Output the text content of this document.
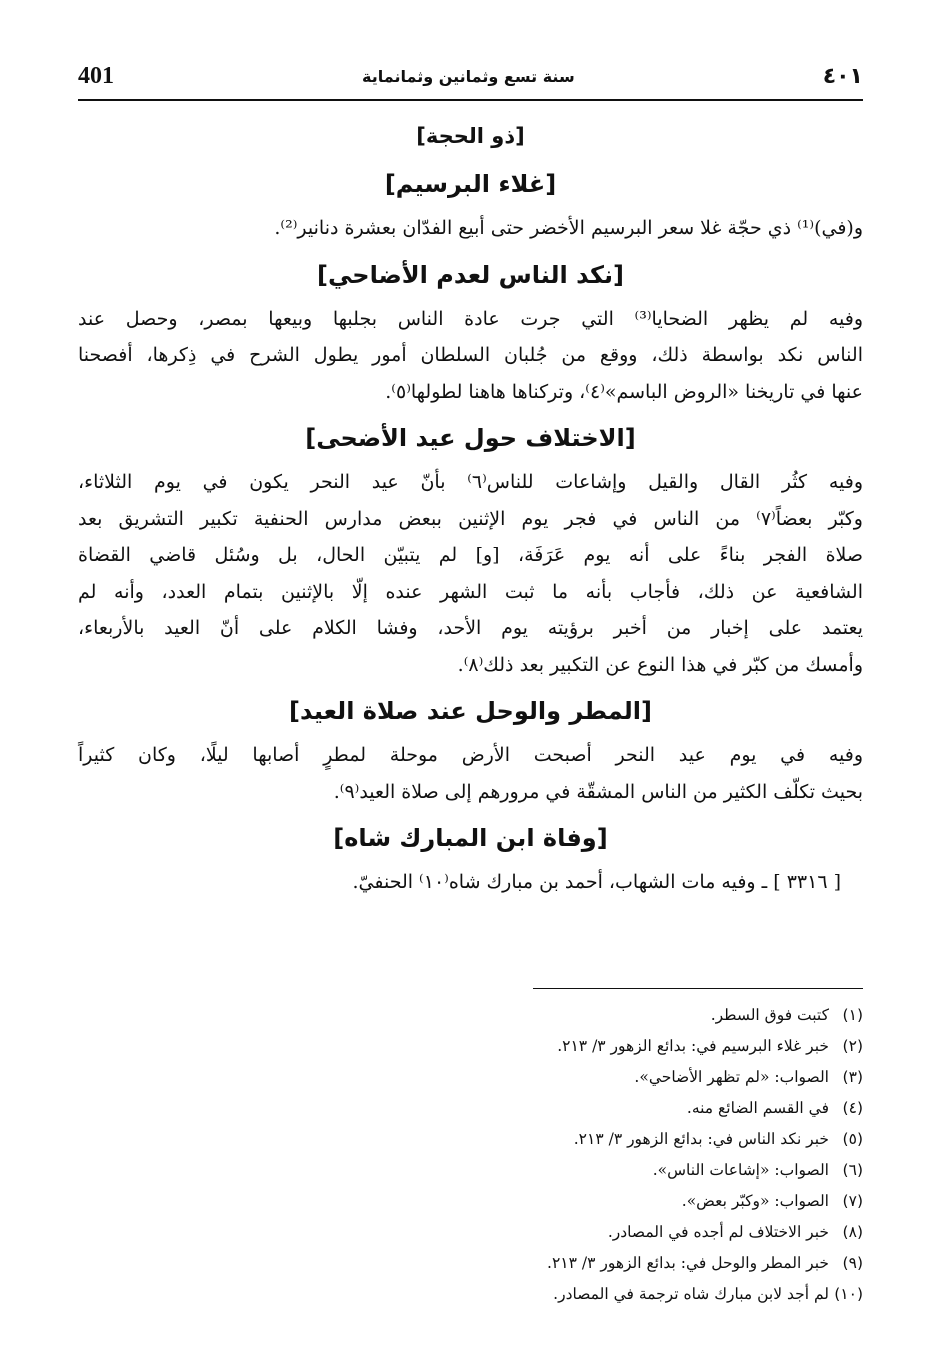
401	سنة تسع وثمانين وثمانماية	٤٠١
[ذو الحجة]
[غلاء البرسيم]

و(في)⁽¹⁾ ذي حجّة غلا سعر البرسيم الأخضر حتى أبيع الفدّان بعشرة دنانير⁽²⁾.

[نكد الناس لعدم الأضاحي]

وفيه لم يظهر الضحايا⁽³⁾ التي جرت عادة الناس بجلبها وبيعها بمصر، وحصل عند
الناس نكد بواسطة ذلك، ووقع من جُلبان السلطان أمور يطول الشرح في ذِكرها، أفصحنا
عنها في تاريخنا «الروض الباسم»⁽٤⁾، وتركناها هاهنا لطولها⁽٥⁾.

[الاختلاف حول عيد الأضحى]

وفيه كثُر القال والقيل وإشاعات للناس⁽٦⁾ بأنّ عيد النحر يكون في يوم الثلاثاء،
وكبّر بعضاً⁽٧⁾ من الناس في فجر يوم الإثنين ببعض مدارس الحنفية تكبير التشريق بعد
صلاة الفجر بناءً على أنه يوم عَرَفَة، [و] لم يتبيّن الحال، بل وسُئل قاضي القضاة
الشافعية عن ذلك، فأجاب بأنه ما ثبت الشهر عنده إلّا بالإثنين بتمام العدد، وأنه لم
يعتمد على إخبار من أخبر برؤيته يوم الأحد، وفشا الكلام على أنّ العيد بالأربعاء،
وأمسك من كبّر في هذا النوع عن التكبير بعد ذلك⁽٨⁾.

[المطر والوحل عند صلاة العيد]

وفيه في يوم عيد النحر أصبحت الأرض موحلة لمطرٍ أصابها ليلًا، وكان كثيراً
بحيث تكلّف الكثير من الناس المشقّة في مرورهم إلى صلاة العيد⁽٩⁾.

[وفاة ابن المبارك شاه]

[ ٣٣١٦ ] ـ وفيه مات الشهاب، أحمد بن مبارك شاه⁽١٠⁾ الحنفيّ.

(١)
كتبت فوق السطر.
(٢)
خبر غلاء البرسيم في: بدائع الزهور ٣/ ٢١٣.
(٣)
الصواب: «لم تظهر الأضاحي».
(٤)
في القسم الضائع منه.
(٥)
خبر نكد الناس في: بدائع الزهور ٣/ ٢١٣.
(٦)
الصواب: «إشاعات الناس».
(٧)
الصواب: «وكبّر بعض».
(٨)
خبر الاختلاف لم أجده في المصادر.
(٩)
خبر المطر والوحل في: بدائع الزهور ٣/ ٢١٣.
(١٠)
لم أجد لابن مبارك شاه ترجمة في المصادر.
